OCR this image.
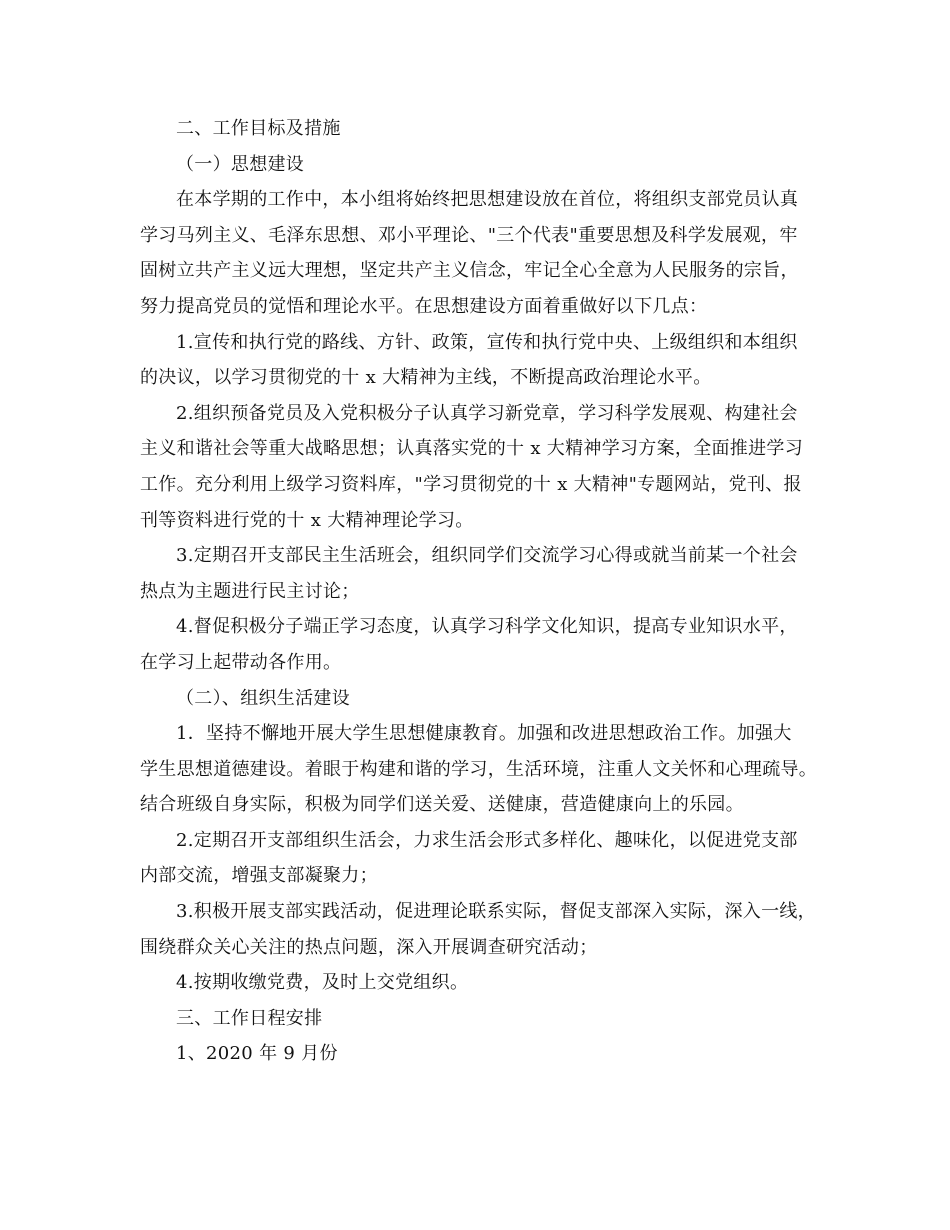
二、工作目标及措施
（一）思想建设
在本学期的工作中，本小组将始终把思想建设放在首位，将组织支部党员认真
学习马列主义、毛泽东思想、邓小平理论、"三个代表"重要思想及科学发展观，牢
固树立共产主义远大理想，坚定共产主义信念，牢记全心全意为人民服务的宗旨，
努力提高党员的觉悟和理论水平。在思想建设方面着重做好以下几点：
1.宣传和执行党的路线、方针、政策，宣传和执行党中央、上级组织和本组织
的决议，以学习贯彻党的十 x 大精神为主线，不断提高政治理论水平。
2.组织预备党员及入党积极分子认真学习新党章，学习科学发展观、构建社会
主义和谐社会等重大战略思想；认真落实党的十 x 大精神学习方案，全面推进学习
工作。充分利用上级学习资料库，"学习贯彻党的十 x 大精神"专题网站，党刊、报
刊等资料进行党的十 x 大精神理论学习。
3.定期召开支部民主生活班会，组织同学们交流学习心得或就当前某一个社会
热点为主题进行民主讨论；
4.督促积极分子端正学习态度，认真学习科学文化知识，提高专业知识水平，
在学习上起带动各作用。
（二）、组织生活建设
1．坚持不懈地开展大学生思想健康教育。加强和改进思想政治工作。加强大
学生思想道德建设。着眼于构建和谐的学习，生活环境，注重人文关怀和心理疏导。
结合班级自身实际，积极为同学们送关爱、送健康，营造健康向上的乐园。
2.定期召开支部组织生活会，力求生活会形式多样化、趣味化，以促进党支部
内部交流，增强支部凝聚力；
3.积极开展支部实践活动，促进理论联系实际，督促支部深入实际，深入一线，
围绕群众关心关注的热点问题，深入开展调查研究活动；
4.按期收缴党费，及时上交党组织。
三、工作日程安排
1、2020 年 9 月份
